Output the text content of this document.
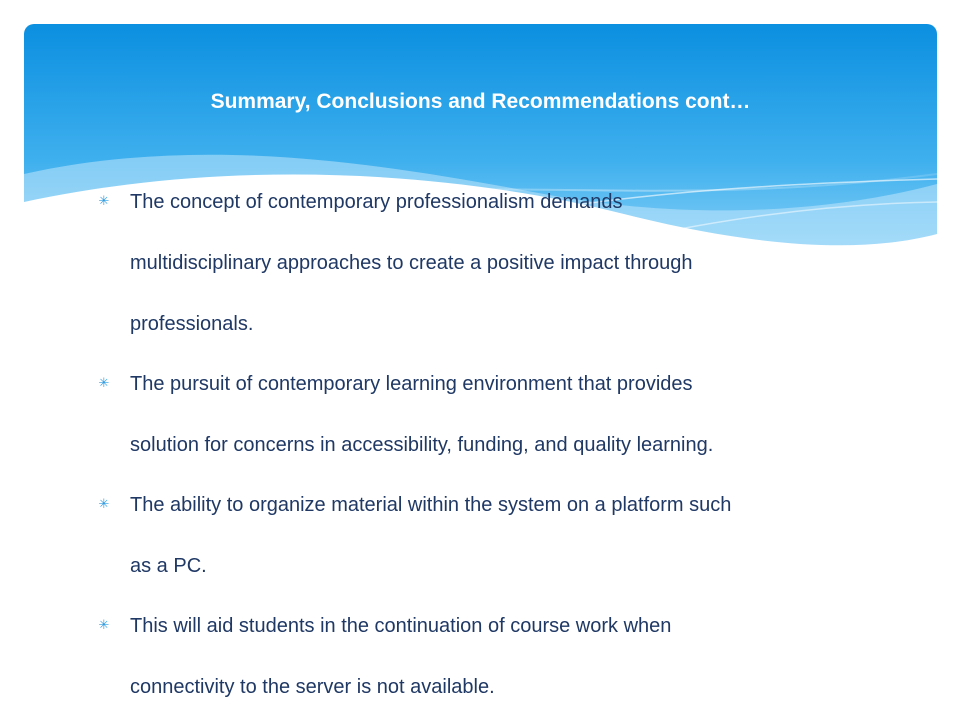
Summary, Conclusions and Recommendations cont…
✳ The concept of contemporary professionalism demands
multidisciplinary approaches to create a positive impact through
professionals.
✳ The pursuit of contemporary learning environment that provides
solution for concerns in accessibility, funding, and quality learning.
✳ The ability to organize material within the system on a platform such
as a PC.
✳ This will aid students in the continuation of course work when
connectivity to the server is not available.
